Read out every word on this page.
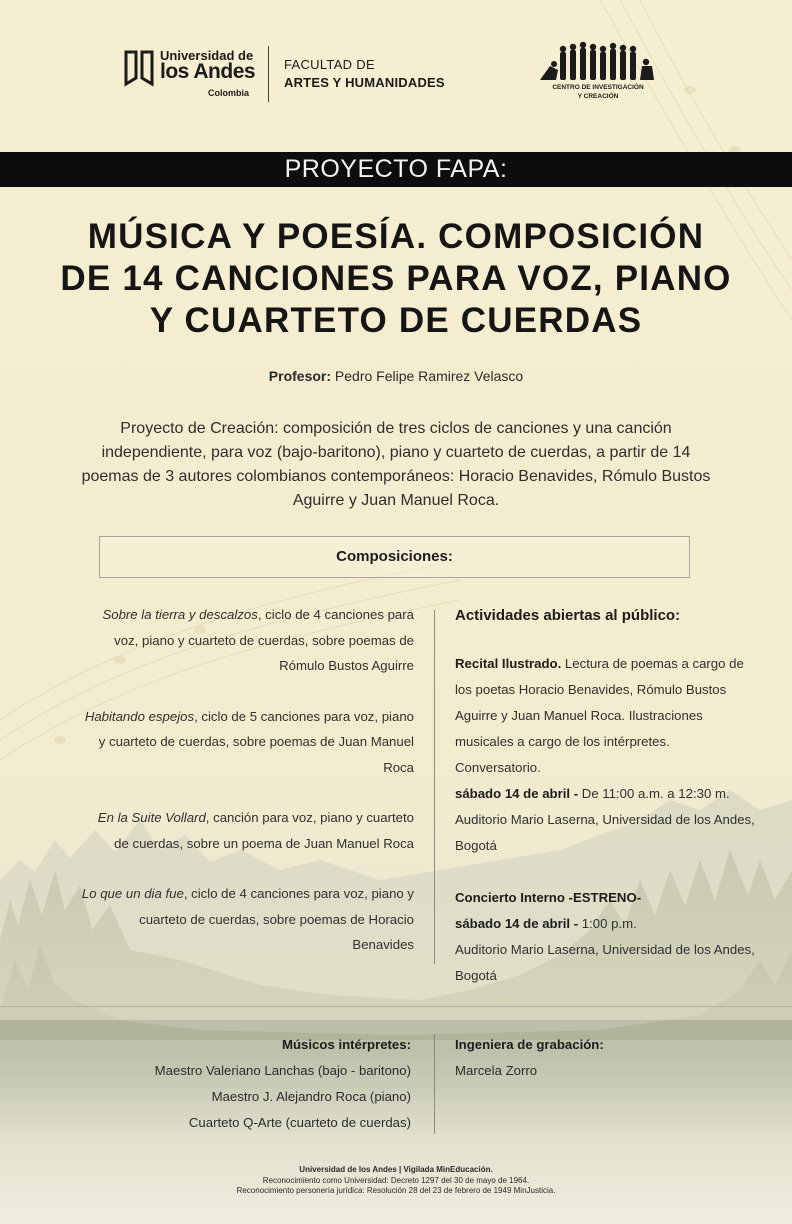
Universidad de
los Andes
Colombia
FACULTAD DE
ARTES Y HUMANIDADES	CENTRO DE INVESTIGACIÓN
Y CREACIÓN
PROYECTO FAPA:
MÚSICA Y POESÍA. COMPOSICIÓN
DE 14 CANCIONES PARA VOZ, PIANO
Y CUARTETO DE CUERDAS
Profesor: Pedro Felipe Ramirez Velasco
Proyecto de Creación: composición de tres ciclos de canciones y una canción independiente, para voz (bajo-baritono), piano y cuarteto de cuerdas, a partir de 14 poemas de 3 autores colombianos contemporáneos: Horacio Benavides, Rómulo Bustos Aguirre y Juan Manuel Roca.
Composiciones:

Sobre la tierra y descalzos, ciclo de 4 canciones para voz, piano y cuarteto de cuerdas, sobre poemas de Rómulo Bustos Aguirre

Habitando espejos, ciclo de 5 canciones para voz, piano y cuarteto de cuerdas, sobre poemas de Juan Manuel Roca

En la Suite Vollard, canción para voz, piano y cuarteto de cuerdas, sobre un poema de Juan Manuel Roca

Lo que un dia fue, ciclo de 4 canciones para voz, piano y cuarteto de cuerdas, sobre poemas de Horacio Benavides

Actividades abiertas al público:

Recital Ilustrado. Lectura de poemas a cargo de los poetas Horacio Benavides, Rómulo Bustos Aguirre y Juan Manuel Roca. Ilustraciones musicales a cargo de los intérpretes. Conversatorio.

sábado 14 de abril - De 11:00 a.m. a 12:30 m.

Auditorio Mario Laserna, Universidad de los Andes, Bogotá

Concierto Interno -ESTRENO-

sábado 14 de abril - 1:00 p.m.

Auditorio Mario Laserna, Universidad de los Andes, Bogotá

Músicos intérpretes:

Maestro Valeriano Lanchas (bajo - baritono)

Maestro J. Alejandro Roca (piano)

Cuarteto Q-Arte (cuarteto de cuerdas)

Ingeniera de grabación:

Marcela Zorro

Universidad de los Andes | Vigilada MinEducación.
Reconocimiento como Universidad: Decreto 1297 del 30 de mayo de 1964.
Reconocimiento personería jurídica: Resolución 28 del 23 de febrero de 1949 MinJusticia.
